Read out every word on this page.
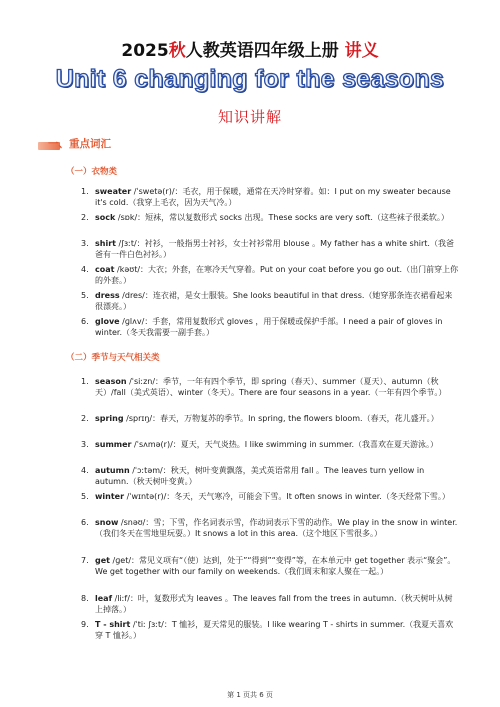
2025秋人教英语四年级上册 讲义
Unit 6 changing for the seasons
知识讲解
一、重点词汇
（一）衣物类
1. sweater /ˈswetə(r)/：毛衣，用于保暖，通常在天冷时穿着。如：I put on my sweater because it's cold.（我穿上毛衣，因为天气冷。）
2. sock /sɒk/：短袜，常以复数形式 socks 出现。These socks are very soft.（这些袜子很柔软。）
3. shirt /ʃɜːt/：衬衫，一般指男士衬衫，女士衬衫常用 blouse 。My father has a white shirt.（我爸爸有一件白色衬衫。）
4. coat /kəʊt/：大衣；外套，在寒冷天气穿着。Put on your coat before you go out.（出门前穿上你的外套。）
5. dress /dres/：连衣裙，是女士服装。She looks beautiful in that dress.（她穿那条连衣裙看起来很漂亮。）
6. glove /ɡlʌv/：手套，常用复数形式 gloves ，用于保暖或保护手部。I need a pair of gloves in winter.（冬天我需要一副手套。）
（二）季节与天气相关类
1. season /ˈsiːzn/：季节，一年有四个季节，即 spring（春天）、summer（夏天）、autumn（秋天）/fall（美式英语）、winter（冬天）。There are four seasons in a year.（一年有四个季节。）
2. spring /sprɪŋ/：春天，万物复苏的季节。In spring, the flowers bloom.（春天，花儿盛开。）
3. summer /ˈsʌmə(r)/：夏天，天气炎热。I like swimming in summer.（我喜欢在夏天游泳。）
4. autumn /ˈɔːtəm/：秋天，树叶变黄飘落，美式英语常用 fall 。The leaves turn yellow in autumn.（秋天树叶变黄。）
5. winter /ˈwɪntə(r)/：冬天，天气寒冷，可能会下雪。It often snows in winter.（冬天经常下雪。）
6. snow /snəʊ/：雪；下雪，作名词表示雪，作动词表示下雪的动作。We play in the snow in winter.（我们冬天在雪地里玩耍。）It snows a lot in this area.（这个地区下雪很多。）
7. get /ɡet/：常见义项有“（使）达到，处于”“得到”“变得”等，在本单元中 get together 表示“聚会”。We get together with our family on weekends.（我们周末和家人聚在一起。）
8. leaf /liːf/：叶，复数形式为 leaves 。The leaves fall from the trees in autumn.（秋天树叶从树上掉落。）
9. T - shirt /ˈtiː ʃɜːt/：T 恤衫，夏天常见的服装。I like wearing T - shirts in summer.（我夏天喜欢穿 T 恤衫。）
第 1 页共 6 页
